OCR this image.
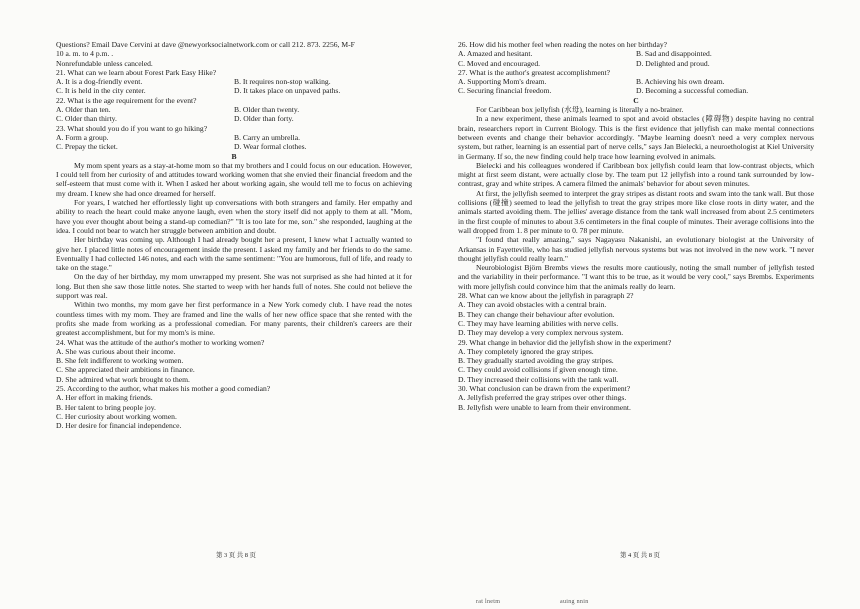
Questions? Email Dave Cervini at dave @newyorksocialnetwork.com or call 212. 873. 2256, M-F
10 a. m. to 4 p.m. .
Nonrefundable unless canceled.

21. What can we learn about Forest Park Easy Hike?

A. It is a dog-friendly event.	B. It requires non-stop walking.
C. It is held in the city center.	D. It takes place on unpaved paths.

22. What is the age requirement for the event?

A. Older than ten.	B. Older than twenty.
C. Older than thirty.	D. Older than forty.

23. What should you do if you want to go hiking?

A. Form a group.	B. Carry an umbrella.
C. Prepay the ticket.	D. Wear formal clothes.
B

My mom spent years as a stay-at-home mom so that my brothers and I could focus on our education. However, I could tell from her curiosity of and attitudes toward working women that she envied their financial freedom and the self-esteem that must come with it. When I asked her about working again, she would tell me to focus on achieving my dream. I knew she had once dreamed for herself.

For years, I watched her effortlessly light up conversations with both strangers and family. Her empathy and ability to reach the heart could make anyone laugh, even when the story itself did not apply to them at all. "Mom, have you ever thought about being a stand-up comedian?" "It is too late for me, son." she responded, laughing at the idea. I could not bear to watch her struggle between ambition and doubt.

Her birthday was coming up. Although I had already bought her a present, I knew what I actually wanted to give her. I placed little notes of encouragement inside the present. I asked my family and her friends to do the same. Eventually I had collected 146 notes, and each with the same sentiment: "You are humorous, full of life, and ready to take on the stage."

On the day of her birthday, my mom unwrapped my present. She was not surprised as she had hinted at it for long. But then she saw those little notes. She started to weep with her hands full of notes. She could not believe the support was real.

Within two months, my mom gave her first performance in a New York comedy club. I have read the notes countless times with my mom. They are framed and line the walls of her new office space that she rented with the profits she made from working as a professional comedian. For many parents, their children's careers are their greatest accomplishment, but for my mom's is mine.

24. What was the attitude of the author's mother to working women?

A. She was curious about their income.
B. She felt indifferent to working women.
C. She appreciated their ambitions in finance.
D. She admired what work brought to them.

25. According to the author, what makes his mother a good comedian?

A. Her effort in making friends.
B. Her talent to bring people joy.
C. Her curiosity about working women.
D. Her desire for financial independence.

26. How did his mother feel when reading the notes on her birthday?

A. Amazed and hesitant.	B. Sad and disappointed.
C. Moved and encouraged.	D. Delighted and proud.

27. What is the author's greatest accomplishment?

A. Supporting Mom's dream.	B. Achieving his own dream.
C. Securing financial freedom.	D. Becoming a successful comedian.
C

For Caribbean box jellyfish (水母), learning is literally a no-brainer.

In a new experiment, these animals learned to spot and avoid obstacles (障碍物) despite having no central brain, researchers report in Current Biology. This is the first evidence that jellyfish can make mental connections between events and change their behavior accordingly. "Maybe learning doesn't need a very complex nervous system, but rather, learning is an essential part of nerve cells," says Jan Bielecki, a neuroethologist at Kiel University in Germany. If so, the new finding could help trace how learning evolved in animals.

Bielecki and his colleagues wondered if Caribbean box jellyfish could learn that low-contrast objects, which might at first seem distant, were actually close by. The team put 12 jellyfish into a round tank surrounded by low-contrast, gray and white stripes. A camera filmed the animals' behavior for about seven minutes.

At first, the jellyfish seemed to interpret the gray stripes as distant roots and swam into the tank wall. But those collisions (碰撞) seemed to lead the jellyfish to treat the gray stripes more like close roots in dirty water, and the animals started avoiding them. The jellies' average distance from the tank wall increased from about 2.5 centimeters in the first couple of minutes to about 3.6 centimeters in the final couple of minutes. Their average collisions into the wall dropped from 1. 8 per minute to 0. 78 per minute.

"I found that really amazing," says Nagayasu Nakanishi, an evolutionary biologist at the University of Arkansas in Fayetteville, who has studied jellyfish nervous systems but was not involved in the new work. "I never thought jellyfish could really learn."

Neurobiologist Björn Brembs views the results more cautiously, noting the small number of jellyfish tested and the variability in their performance. "I want this to be true, as it would be very cool," says Brembs. Experiments with more jellyfish could convince him that the animals really do learn.

28. What can we know about the jellyfish in paragraph 2?

A. They can avoid obstacles with a central brain.
B. They can change their behaviour after evolution.
C. They may have learning abilities with nerve cells.
D. They may develop a very complex nervous system.

29. What change in behavior did the jellyfish show in the experiment?

A. They completely ignored the gray stripes.
B. They gradually started avoiding the gray stripes.
C. They could avoid collisions if given enough time.
D. They increased their collisions with the tank wall.

30. What conclusion can be drawn from the experiment?

A. Jellyfish preferred the gray stripes over other things.
B. Jellyfish were unable to learn from their environment.
第 3 页 共 8 页	第 4 页 共 8 页
rat lnetm	auing nnin
